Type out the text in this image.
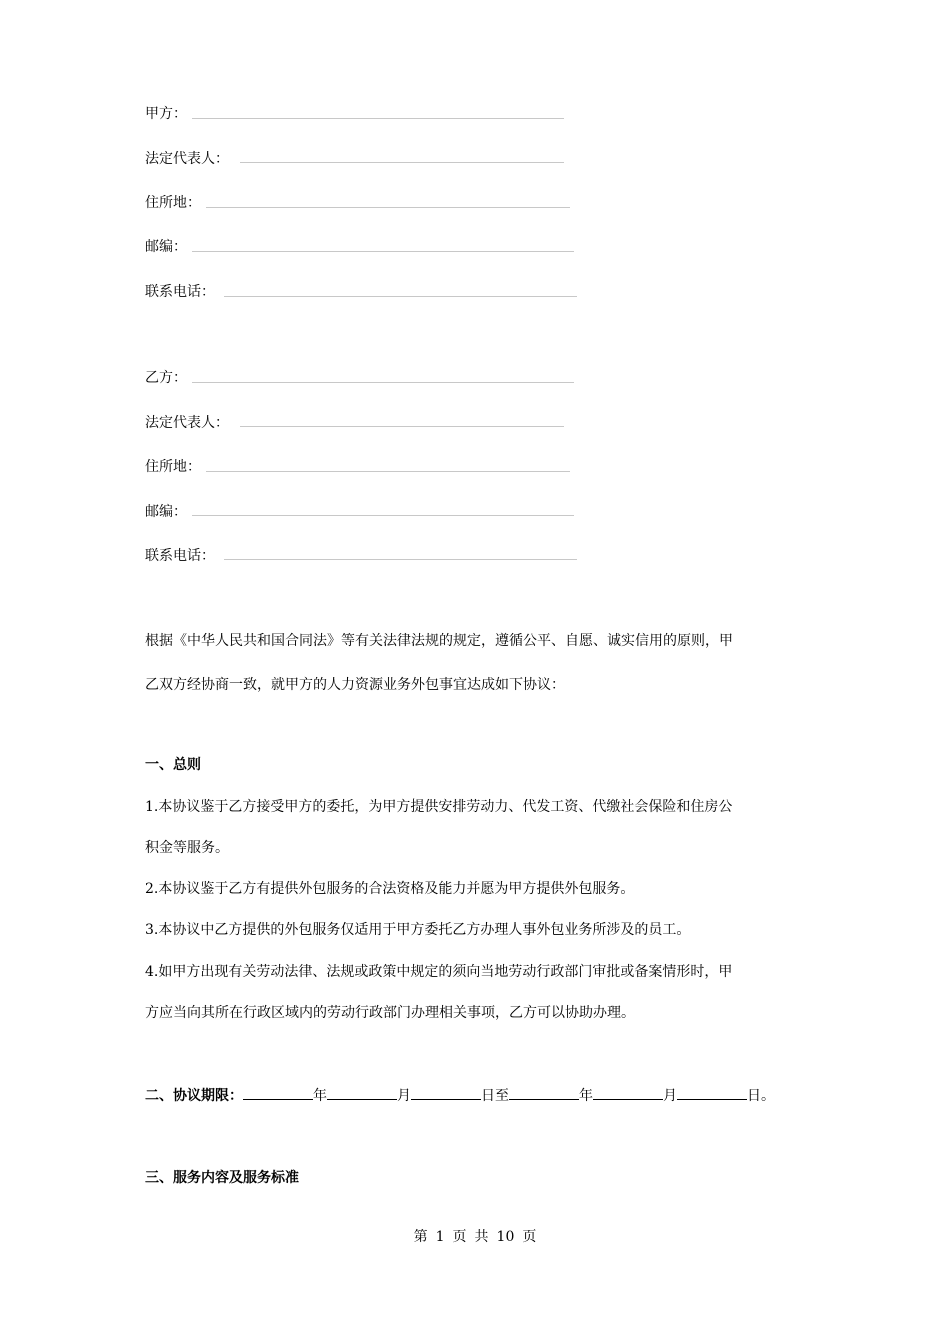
甲方：
法定代表人：
住所地：
邮编：
联系电话：
乙方：
法定代表人：
住所地：
邮编：
联系电话：
根据《中华人民共和国合同法》等有关法律法规的规定，遵循公平、自愿、诚实信用的原则，甲
乙双方经协商一致，就甲方的人力资源业务外包事宜达成如下协议：
一、总则
1.本协议鉴于乙方接受甲方的委托，为甲方提供安排劳动力、代发工资、代缴社会保险和住房公
积金等服务。
2.本协议鉴于乙方有提供外包服务的合法资格及能力并愿为甲方提供外包服务。
3.本协议中乙方提供的外包服务仅适用于甲方委托乙方办理人事外包业务所涉及的员工。
4.如甲方出现有关劳动法律、法规或政策中规定的须向当地劳动行政部门审批或备案情形时，甲
方应当向其所在行政区域内的劳动行政部门办理相关事项，乙方可以协助办理。
二、协议期限：	年	月	日至	年	月	日。
三、服务内容及服务标准
第 1 页 共 10 页
